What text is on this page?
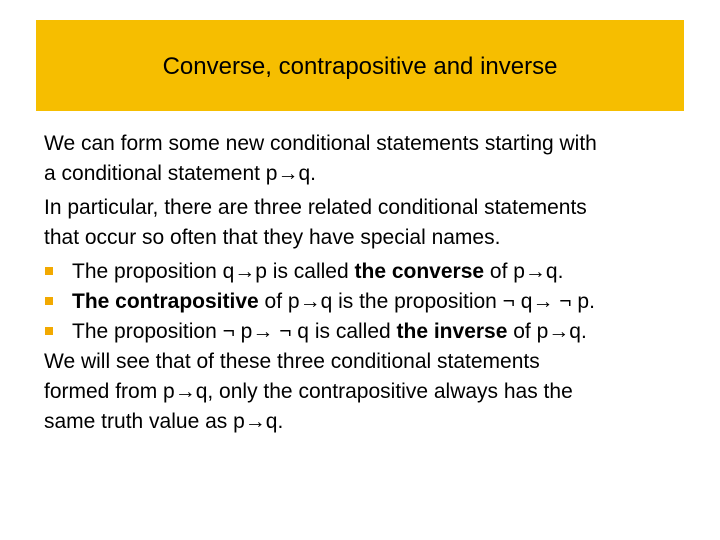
Converse, contrapositive and inverse
We can form some new conditional statements starting with
a conditional statement p→q.
In particular, there are three related conditional statements
that occur so often that they have special names.
The proposition q→p is called the converse of p→q.
The contrapositive of p→q is the proposition ¬ q→ ¬ p.
The proposition ¬ p→ ¬ q is called the inverse of p→q.
We will see that of these three conditional statements
formed from p→q, only the contrapositive always has the
same truth value as p→q.
